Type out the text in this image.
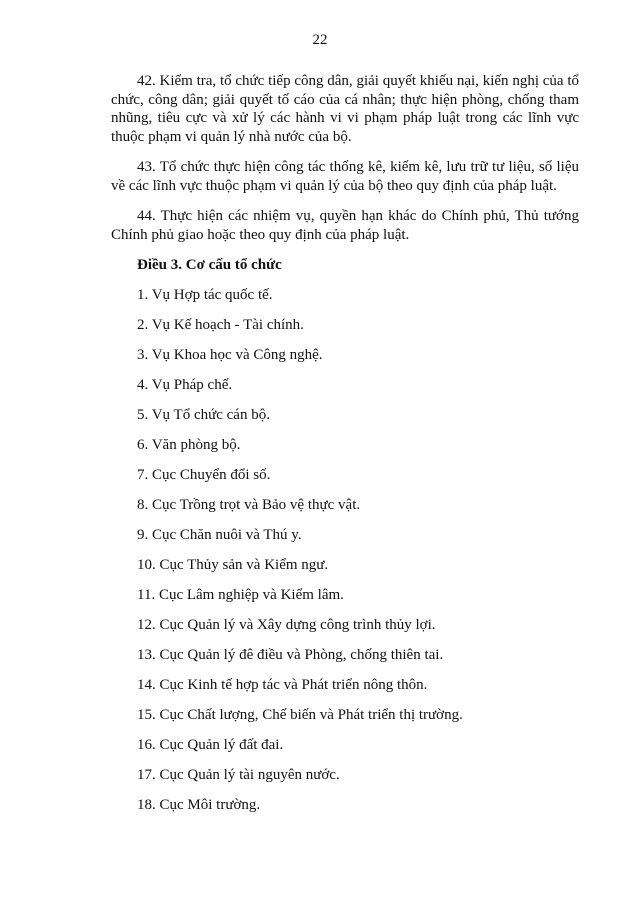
22

42. Kiểm tra, tổ chức tiếp công dân, giải quyết khiếu nại, kiến nghị của tổ chức, công dân; giải quyết tố cáo của cá nhân; thực hiện phòng, chống tham nhũng, tiêu cực và xử lý các hành vi vi phạm pháp luật trong các lĩnh vực thuộc phạm vi quản lý nhà nước của bộ.

43. Tổ chức thực hiện công tác thống kê, kiểm kê, lưu trữ tư liệu, số liệu về các lĩnh vực thuộc phạm vi quản lý của bộ theo quy định của pháp luật.

44. Thực hiện các nhiệm vụ, quyền hạn khác do Chính phủ, Thủ tướng Chính phủ giao hoặc theo quy định của pháp luật.

Điều 3. Cơ cấu tổ chức
1. Vụ Hợp tác quốc tế.
2. Vụ Kế hoạch - Tài chính.
3. Vụ Khoa học và Công nghệ.
4. Vụ Pháp chế.
5. Vụ Tổ chức cán bộ.
6. Văn phòng bộ.
7. Cục Chuyển đổi số.
8. Cục Trồng trọt và Bảo vệ thực vật.
9. Cục Chăn nuôi và Thú y.
10. Cục Thủy sản và Kiểm ngư.
11. Cục Lâm nghiệp và Kiểm lâm.
12. Cục Quản lý và Xây dựng công trình thủy lợi.
13. Cục Quản lý đê điều và Phòng, chống thiên tai.
14. Cục Kinh tế hợp tác và Phát triển nông thôn.
15. Cục Chất lượng, Chế biến và Phát triển thị trường.
16. Cục Quản lý đất đai.
17. Cục Quản lý tài nguyên nước.
18. Cục Môi trường.
